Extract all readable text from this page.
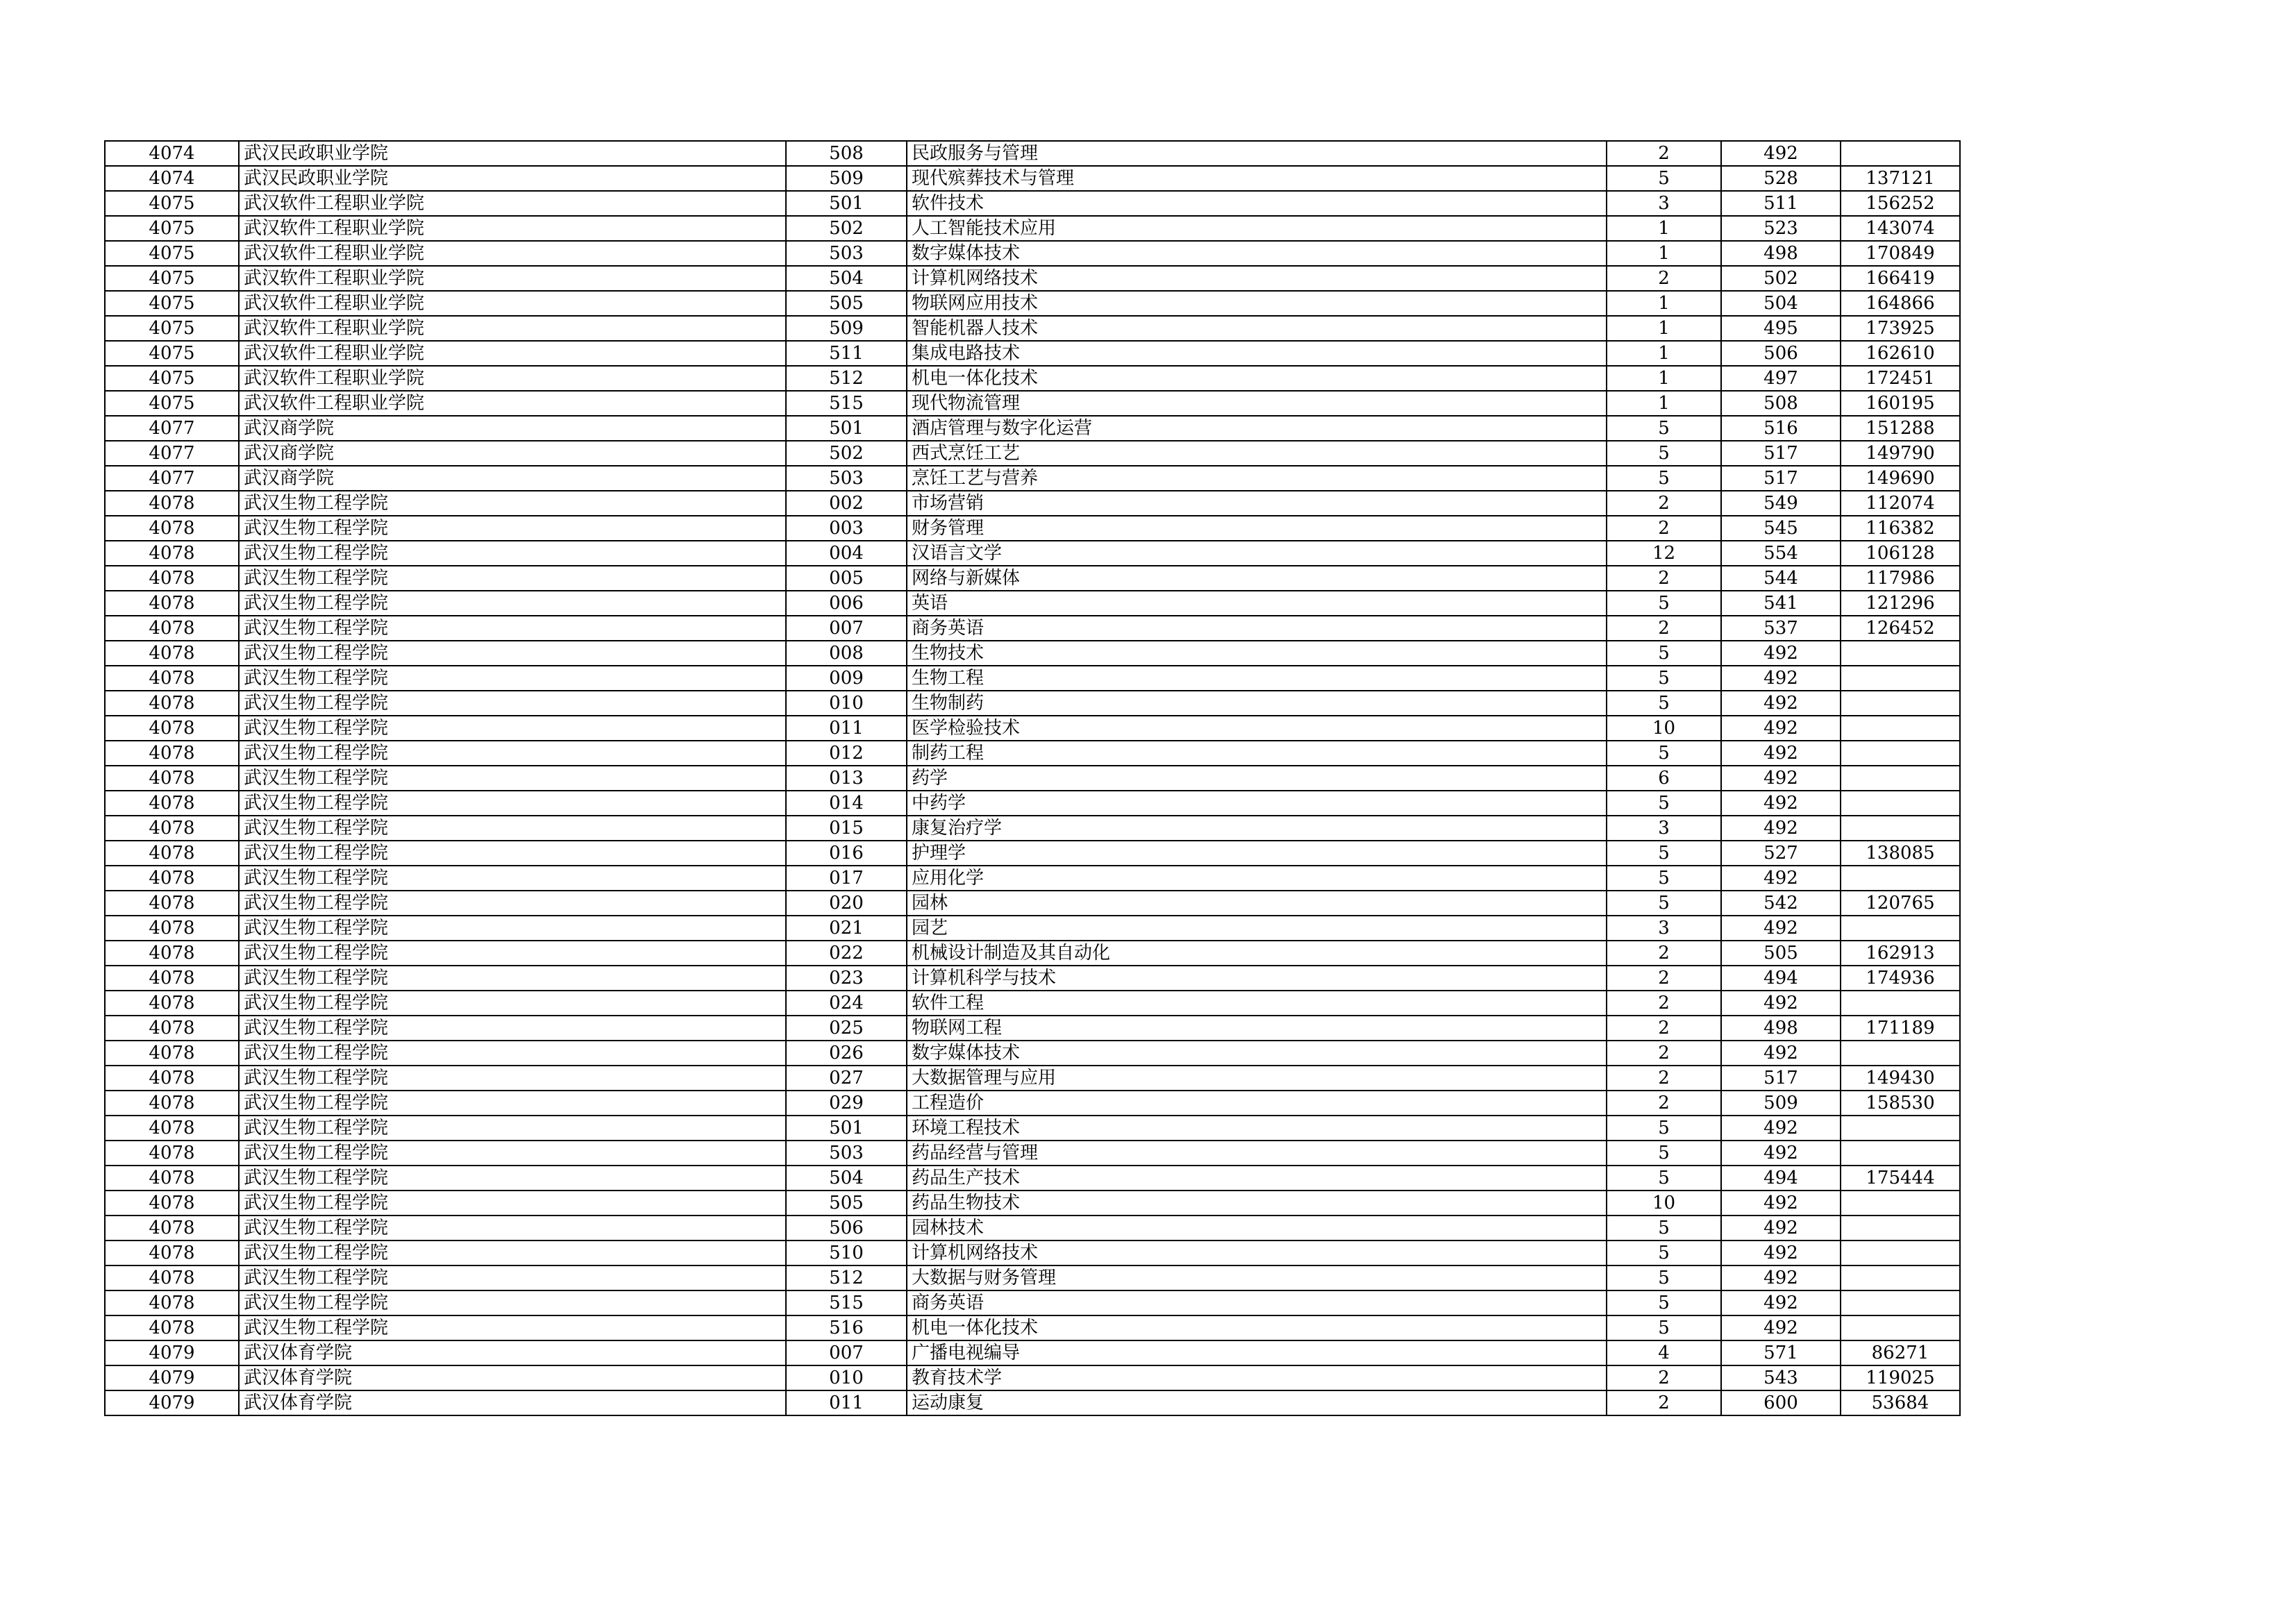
4074	武汉民政职业学院	508	民政服务与管理	2	492	
4074	武汉民政职业学院	509	现代殡葬技术与管理	5	528	137121
4075	武汉软件工程职业学院	501	软件技术	3	511	156252
4075	武汉软件工程职业学院	502	人工智能技术应用	1	523	143074
4075	武汉软件工程职业学院	503	数字媒体技术	1	498	170849
4075	武汉软件工程职业学院	504	计算机网络技术	2	502	166419
4075	武汉软件工程职业学院	505	物联网应用技术	1	504	164866
4075	武汉软件工程职业学院	509	智能机器人技术	1	495	173925
4075	武汉软件工程职业学院	511	集成电路技术	1	506	162610
4075	武汉软件工程职业学院	512	机电一体化技术	1	497	172451
4075	武汉软件工程职业学院	515	现代物流管理	1	508	160195
4077	武汉商学院	501	酒店管理与数字化运营	5	516	151288
4077	武汉商学院	502	西式烹饪工艺	5	517	149790
4077	武汉商学院	503	烹饪工艺与营养	5	517	149690
4078	武汉生物工程学院	002	市场营销	2	549	112074
4078	武汉生物工程学院	003	财务管理	2	545	116382
4078	武汉生物工程学院	004	汉语言文学	12	554	106128
4078	武汉生物工程学院	005	网络与新媒体	2	544	117986
4078	武汉生物工程学院	006	英语	5	541	121296
4078	武汉生物工程学院	007	商务英语	2	537	126452
4078	武汉生物工程学院	008	生物技术	5	492	
4078	武汉生物工程学院	009	生物工程	5	492	
4078	武汉生物工程学院	010	生物制药	5	492	
4078	武汉生物工程学院	011	医学检验技术	10	492	
4078	武汉生物工程学院	012	制药工程	5	492	
4078	武汉生物工程学院	013	药学	6	492	
4078	武汉生物工程学院	014	中药学	5	492	
4078	武汉生物工程学院	015	康复治疗学	3	492	
4078	武汉生物工程学院	016	护理学	5	527	138085
4078	武汉生物工程学院	017	应用化学	5	492	
4078	武汉生物工程学院	020	园林	5	542	120765
4078	武汉生物工程学院	021	园艺	3	492	
4078	武汉生物工程学院	022	机械设计制造及其自动化	2	505	162913
4078	武汉生物工程学院	023	计算机科学与技术	2	494	174936
4078	武汉生物工程学院	024	软件工程	2	492	
4078	武汉生物工程学院	025	物联网工程	2	498	171189
4078	武汉生物工程学院	026	数字媒体技术	2	492	
4078	武汉生物工程学院	027	大数据管理与应用	2	517	149430
4078	武汉生物工程学院	029	工程造价	2	509	158530
4078	武汉生物工程学院	501	环境工程技术	5	492	
4078	武汉生物工程学院	503	药品经营与管理	5	492	
4078	武汉生物工程学院	504	药品生产技术	5	494	175444
4078	武汉生物工程学院	505	药品生物技术	10	492	
4078	武汉生物工程学院	506	园林技术	5	492	
4078	武汉生物工程学院	510	计算机网络技术	5	492	
4078	武汉生物工程学院	512	大数据与财务管理	5	492	
4078	武汉生物工程学院	515	商务英语	5	492	
4078	武汉生物工程学院	516	机电一体化技术	5	492	
4079	武汉体育学院	007	广播电视编导	4	571	86271
4079	武汉体育学院	010	教育技术学	2	543	119025
4079	武汉体育学院	011	运动康复	2	600	53684
